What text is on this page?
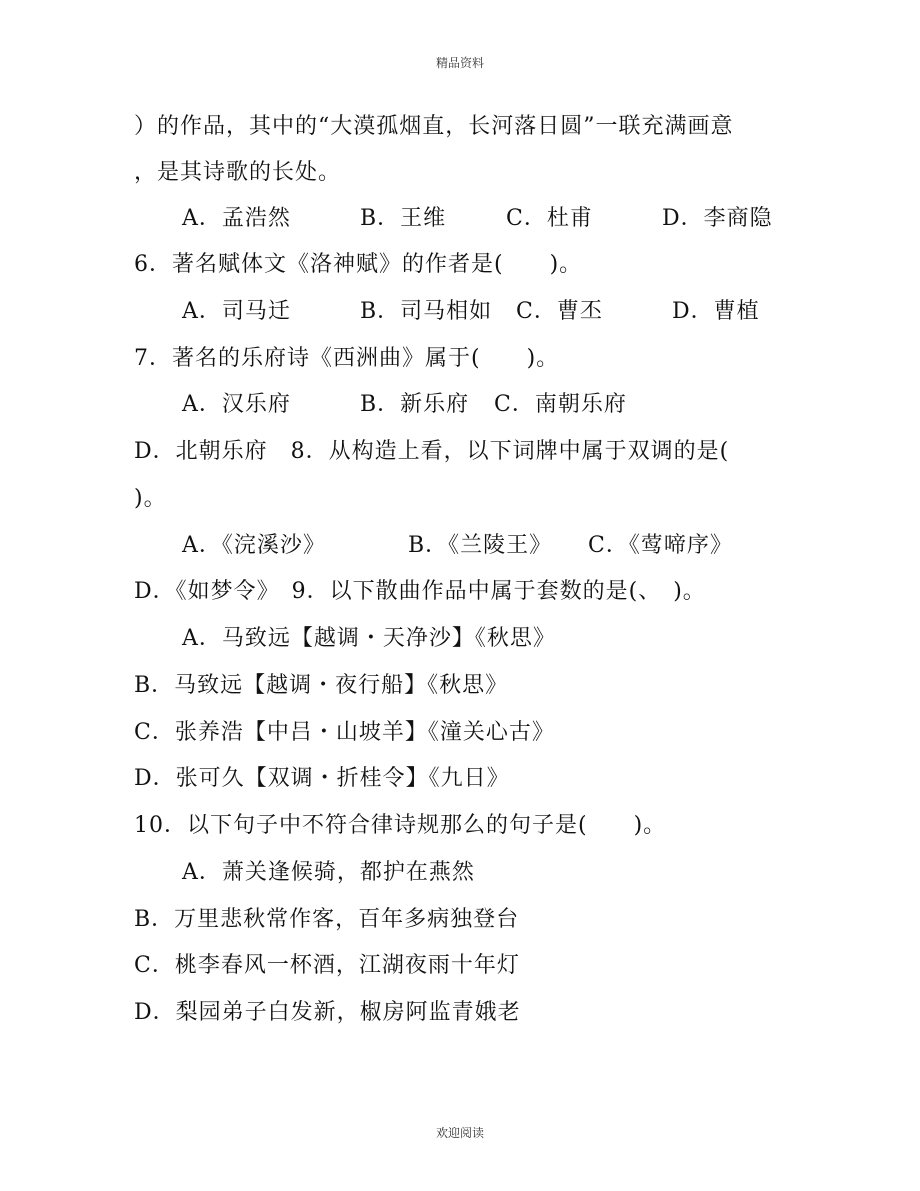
精品资料
）的作品，其中的“大漠孤烟直，长河落日圆”一联充满画意
，是其诗歌的长处。
A．孟浩然	B．王维	C．杜甫	D．李商隐
6．著名赋体文《洛神赋》的作者是(　　)。
A．司马迁	B．司马相如 C．曹丕	D．曹植
7．著名的乐府诗《西洲曲》属于(　　)。
A．汉乐府	B．新乐府 C．南朝乐府
D．北朝乐府　8．从构造上看，以下词牌中属于双调的是(
)。
A．《浣溪沙》	B．《兰陵王》 C．《莺啼序》
D．《如梦令》　9．以下散曲作品中属于套数的是(、　)。
A．马致远【越调・天净沙】《秋思》
B．马致远【越调・夜行船】《秋思》
C．张养浩【中吕・山坡羊】《潼关心古》
D．张可久【双调・折桂令】《九日》
10．以下句子中不符合律诗规那么的句子是(　　)。
A．萧关逢候骑，都护在燕然
B．万里悲秋常作客，百年多病独登台
C．桃李春风一杯酒，江湖夜雨十年灯
D．梨园弟子白发新，椒房阿监青娥老
欢迎阅读
